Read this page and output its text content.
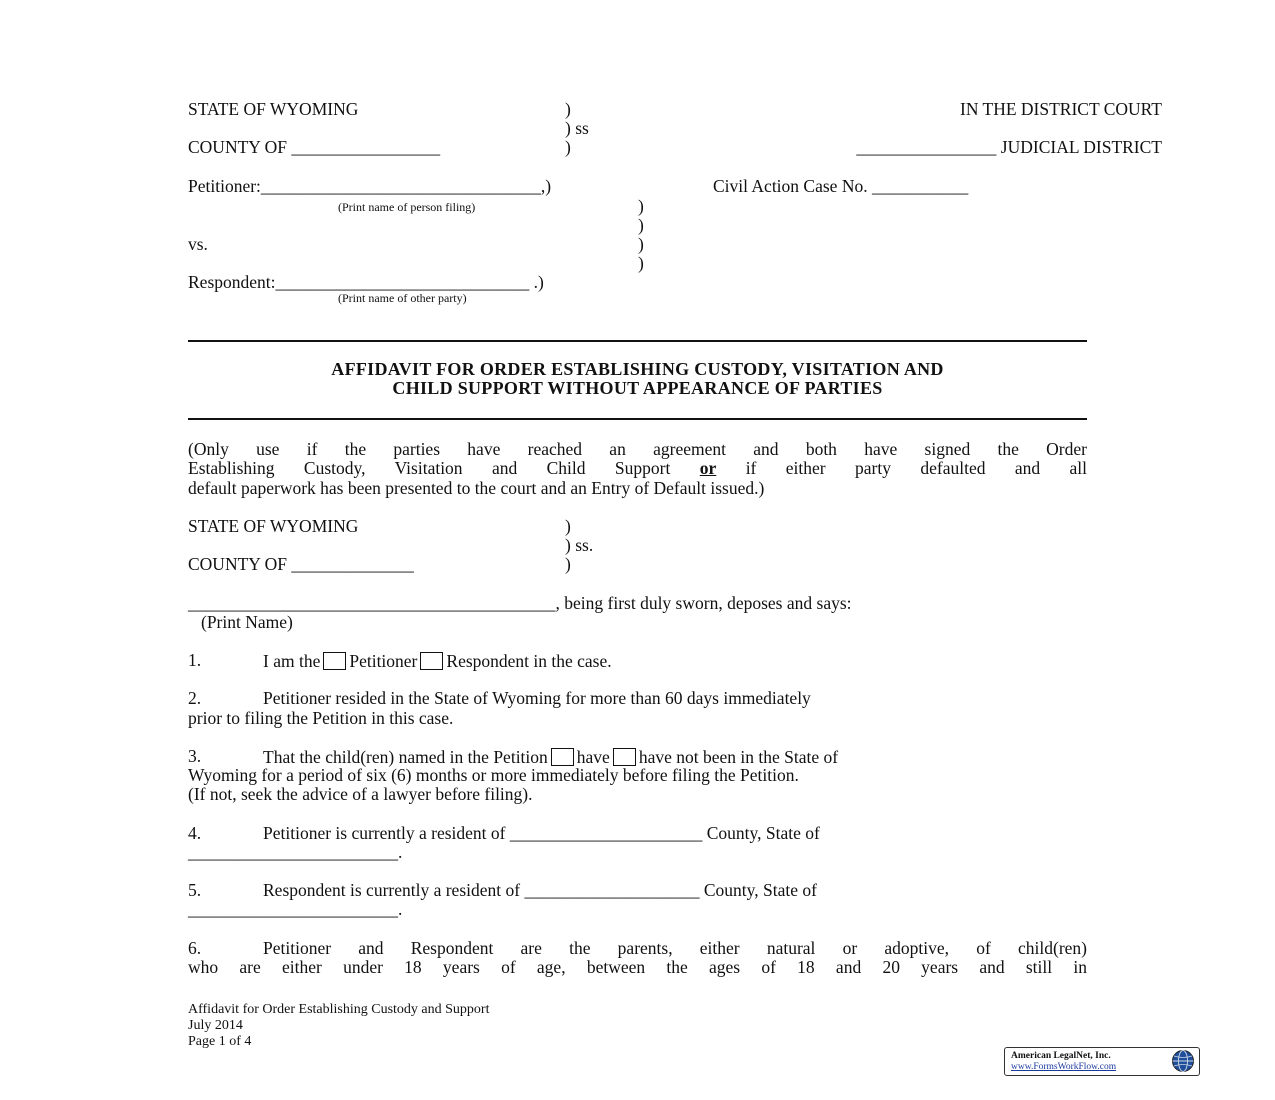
STATE OF WYOMING	)
) ss
COUNTY OF _________________	)
IN THE DISTRICT COURT
________________ JUDICIAL DISTRICT
Petitioner:________________________________,)
(Print name of person filing)
Civil Action Case No. ___________
)
)
vs.	)
)
Respondent:_____________________________ .)
(Print name of other party)
AFFIDAVIT FOR ORDER ESTABLISHING CUSTODY, VISITATION AND
CHILD SUPPORT WITHOUT APPEARANCE OF PARTIES
(Only use if the parties have reached an agreement and both have signed the Order
Establishing Custody, Visitation and Child Support or if either party defaulted and all
default paperwork has been presented to the court and an Entry of Default issued.)
STATE OF WYOMING	)
) ss.
COUNTY OF ______________	)
__________________________________________, being first duly sworn, deposes and says:
(Print Name)
1.	I am the Petitioner Respondent in the case.
2.	Petitioner resided in the State of Wyoming for more than 60 days immediately
prior to filing the Petition in this case.
3.	That the child(ren) named in the Petition have have not been in the State of
Wyoming for a period of six (6) months or more immediately before filing the Petition.
(If not, seek the advice of a lawyer before filing).
4.	Petitioner is currently a resident of ______________________ County, State of
________________________.
5.	Respondent is currently a resident of ____________________ County, State of
________________________.
6.	Petitioner and Respondent are the parents, either natural or adoptive, of child(ren)
who are either under 18 years of age, between the ages of 18 and 20 years and still in
Affidavit for Order Establishing Custody and Support
July 2014
Page 1 of 4
American LegalNet, Inc.
www.FormsWorkFlow.com
